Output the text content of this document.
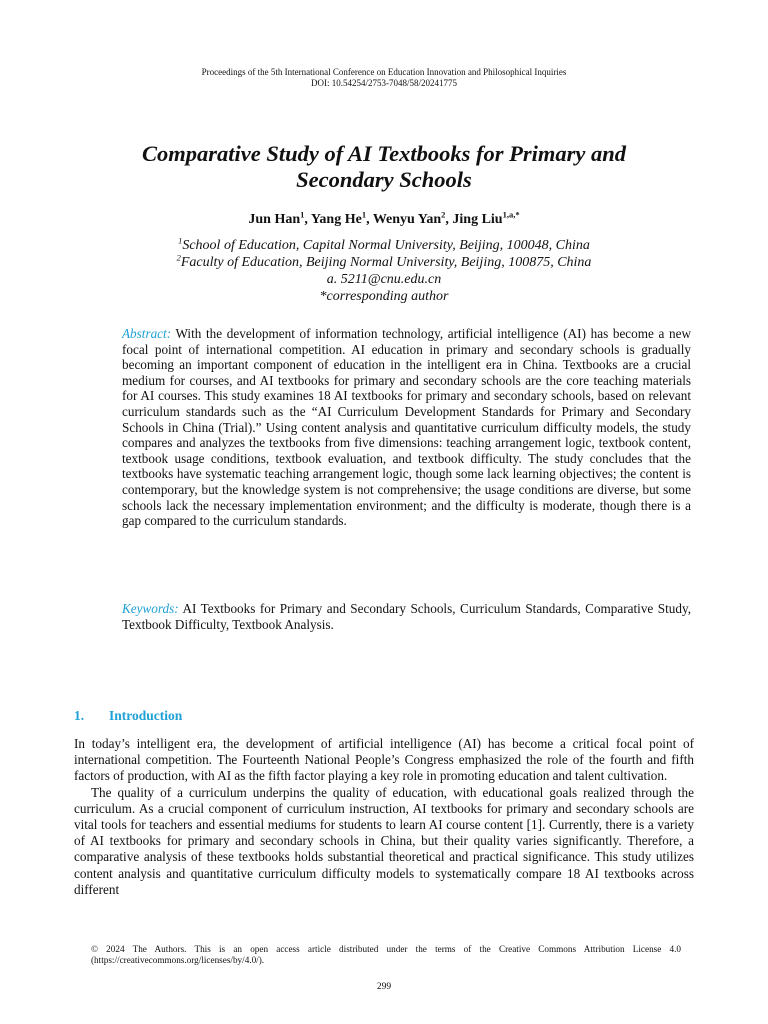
Proceedings of the 5th International Conference on Education Innovation and Philosophical Inquiries
DOI: 10.54254/2753-7048/58/20241775
Comparative Study of AI Textbooks for Primary and
Secondary Schools
Jun Han$^1$, Yang He$^1$, Wenyu Yan$^2$, Jing Liu$^{1,a,*}$
$^1$School of Education, Capital Normal University, Beijing, 100048, China
$^2$Faculty of Education, Beijing Normal University, Beijing, 100875, China
a. 5211@cnu.edu.cn
*corresponding author
Abstract: With the development of information technology, artificial intelligence (AI) has become a new focal point of international competition. AI education in primary and secondary schools is gradually becoming an important component of education in the intelligent era in China. Textbooks are a crucial medium for courses, and AI textbooks for primary and secondary schools are the core teaching materials for AI courses. This study examines 18 AI textbooks for primary and secondary schools, based on relevant curriculum standards such as the “AI Curriculum Development Standards for Primary and Secondary Schools in China (Trial).” Using content analysis and quantitative curriculum difficulty models, the study compares and analyzes the textbooks from five dimensions: teaching arrangement logic, textbook content, textbook usage conditions, textbook evaluation, and textbook difficulty. The study concludes that the textbooks have systematic teaching arrangement logic, though some lack learning objectives; the content is contemporary, but the knowledge system is not comprehensive; the usage conditions are diverse, but some schools lack the necessary implementation environment; and the difficulty is moderate, though there is a gap compared to the curriculum standards.
Keywords: AI Textbooks for Primary and Secondary Schools, Curriculum Standards, Comparative Study, Textbook Difficulty, Textbook Analysis.
1. Introduction

In today’s intelligent era, the development of artificial intelligence (AI) has become a critical focal point of international competition. The Fourteenth National People’s Congress emphasized the role of the fourth and fifth factors of production, with AI as the fifth factor playing a key role in promoting education and talent cultivation.

The quality of a curriculum underpins the quality of education, with educational goals realized through the curriculum. As a crucial component of curriculum instruction, AI textbooks for primary and secondary schools are vital tools for teachers and essential mediums for students to learn AI course content [1]. Currently, there is a variety of AI textbooks for primary and secondary schools in China, but their quality varies significantly. Therefore, a comparative analysis of these textbooks holds substantial theoretical and practical significance. This study utilizes content analysis and quantitative curriculum difficulty models to systematically compare 18 AI textbooks across different

© 2024 The Authors. This is an open access article distributed under the terms of the Creative Commons Attribution License 4.0 (https://creativecommons.org/licenses/by/4.0/).
299
